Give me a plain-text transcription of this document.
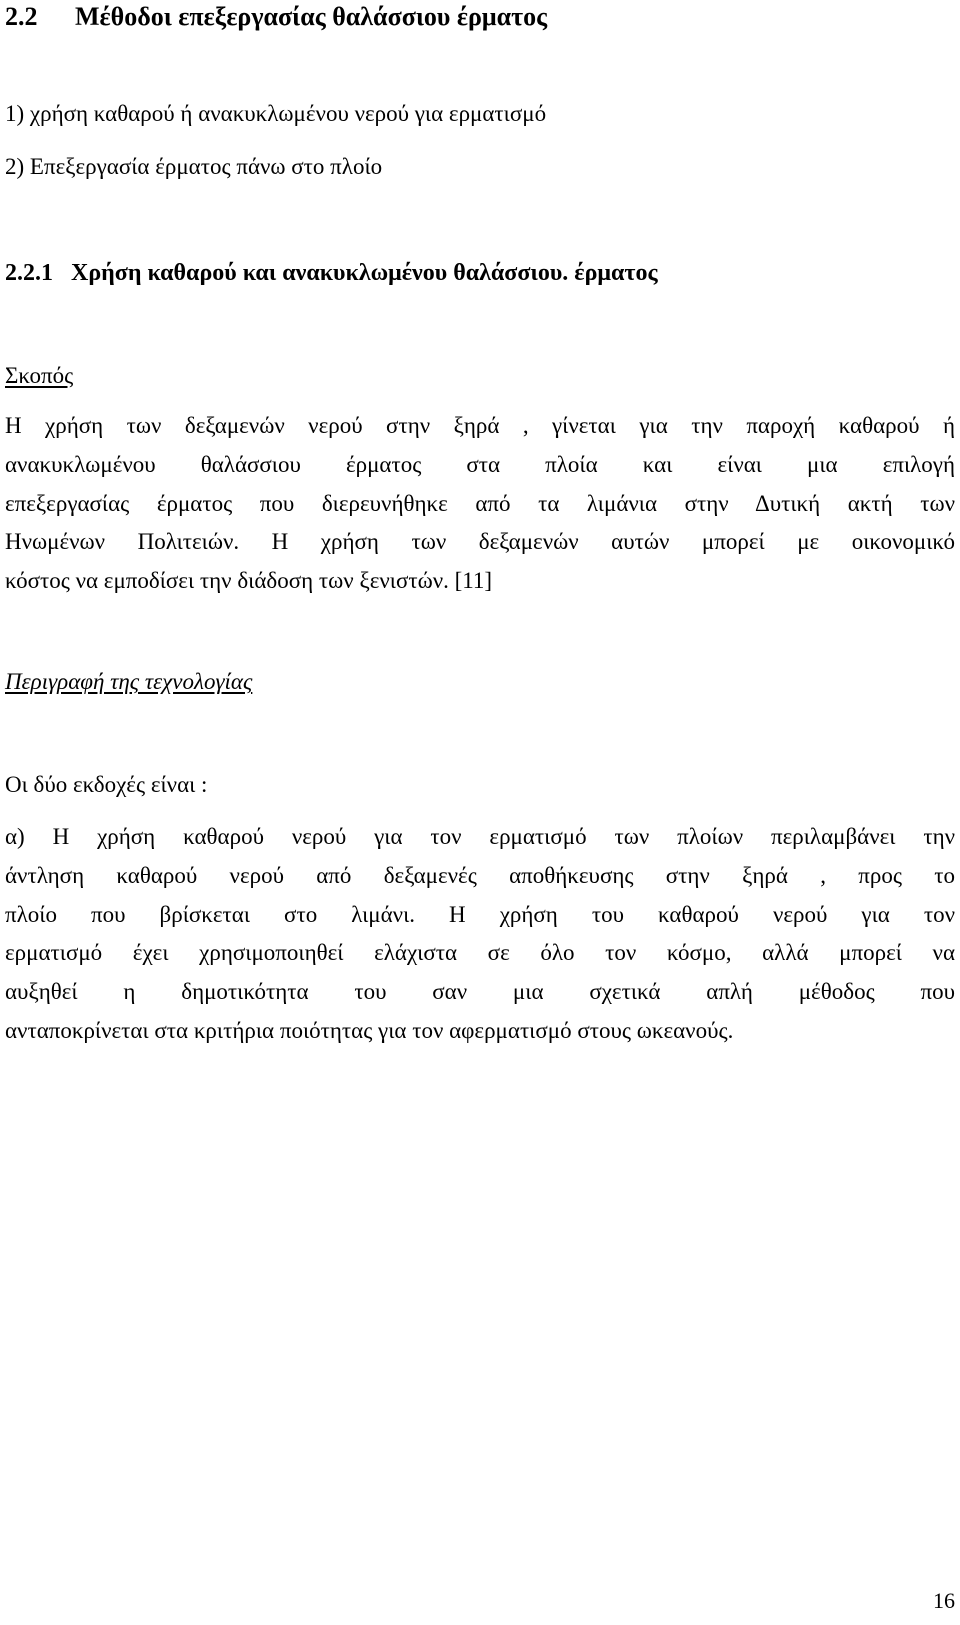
2.2 Μέθοδοι επεξεργασίας θαλάσσιου έρματος
1) χρήση καθαρού ή ανακυκλωμένου νερού για ερματισμό
2) Επεξεργασία έρματος πάνω στο πλοίο
2.2.1 Χρήση καθαρού και ανακυκλωμένου θαλάσσιου. έρματος
Σκοπός
Η χρήση των δεξαμενών νερού στην ξηρά , γίνεται για την παροχή καθαρού ή
ανακυκλωμένου θαλάσσιου έρματος στα πλοία και είναι μια επιλογή
επεξεργασίας έρματος που διερευνήθηκε από τα λιμάνια στην Δυτική ακτή των
Ηνωμένων Πολιτειών. Η χρήση των δεξαμενών αυτών μπορεί με οικονομικό
κόστος να εμποδίσει την διάδοση των ξενιστών. [11]
Περιγραφή της τεχνολογίας
Οι δύο εκδοχές είναι :
α) Η χρήση καθαρού νερού για τον ερματισμό των πλοίων περιλαμβάνει την
άντληση καθαρού νερού από δεξαμενές αποθήκευσης στην ξηρά , προς το
πλοίο που βρίσκεται στο λιμάνι. Η χρήση του καθαρού νερού για τον
ερματισμό έχει χρησιμοποιηθεί ελάχιστα σε όλο τον κόσμο, αλλά μπορεί να
αυξηθεί η δημοτικότητα του σαν μια σχετικά απλή μέθοδος που
ανταποκρίνεται στα κριτήρια ποιότητας για τον αφερματισμό στους ωκεανούς.
16
